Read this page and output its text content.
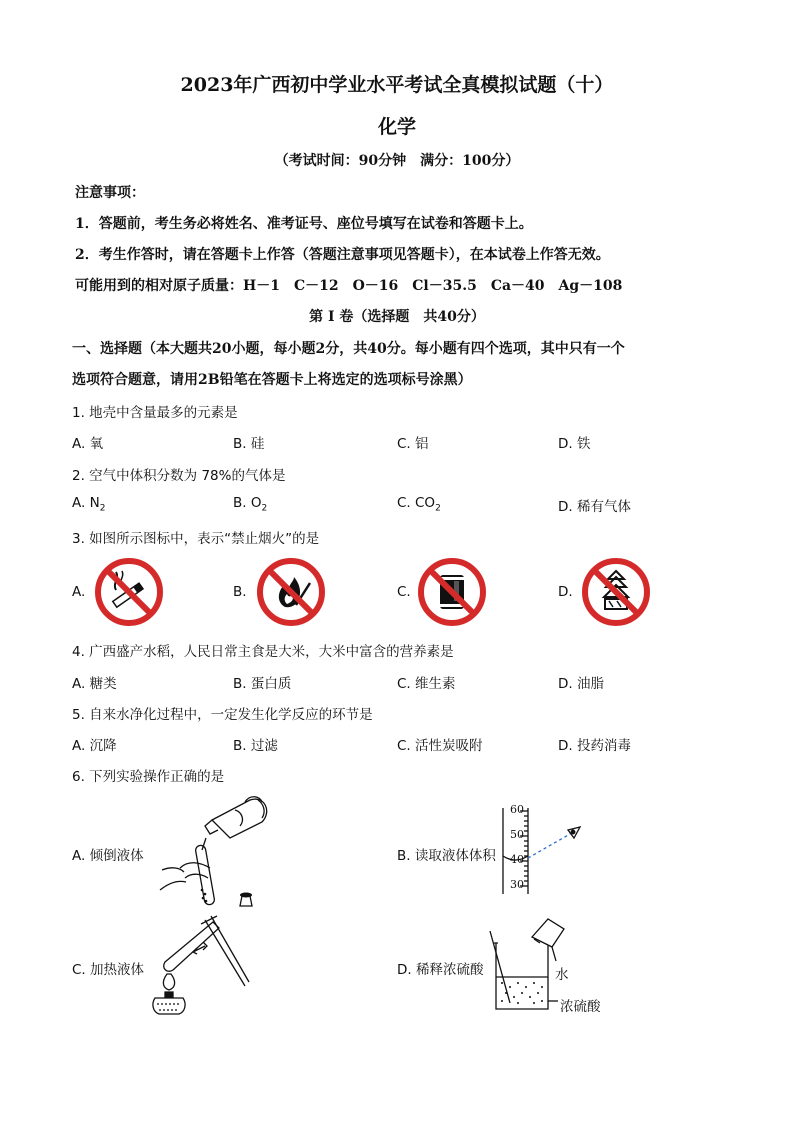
2023年广西初中学业水平考试全真模拟试题（十）
化学
（考试时间：90分钟　满分：100分）
注意事项：
1．答题前，考生务必将姓名、准考证号、座位号填写在试卷和答题卡上。
2．考生作答时，请在答题卡上作答（答题注意事项见答题卡），在本试卷上作答无效。
可能用到的相对原子质量：H－1　C－12　O－16　Cl－35.5　Ca－40　Ag－108
第 I 卷（选择题　共40分）
一、选择题（本大题共20小题，每小题2分，共40分。每小题有四个选项，其中只有一个
选项符合题意，请用2B铅笔在答题卡上将选定的选项标号涂黑）
1. 地壳中含量最多的元素是
A. 氧	B. 硅	C. 铝	D. 铁
2. 空气中体积分数为 78%的气体是
A. $N_2$	B. $O_2$	C. $CO_2$	D. 稀有气体
3. 如图所示图标中，表示“禁止烟火”的是
A.	B.	C.	D.
4. 广西盛产水稻，人民日常主食是大米，大米中富含的营养素是
A. 糖类	B. 蛋白质	C. 维生素	D. 油脂
5. 自来水净化过程中，一定发生化学反应的环节是
A. 沉降	B. 过滤	C. 活性炭吸附	D. 投药消毒
6. 下列实验操作正确的是
A. 倾倒液体	B. 读取液体体积
C. 加热液体	D. 稀释浓硫酸
60
50
40
30
水
浓硫酸
